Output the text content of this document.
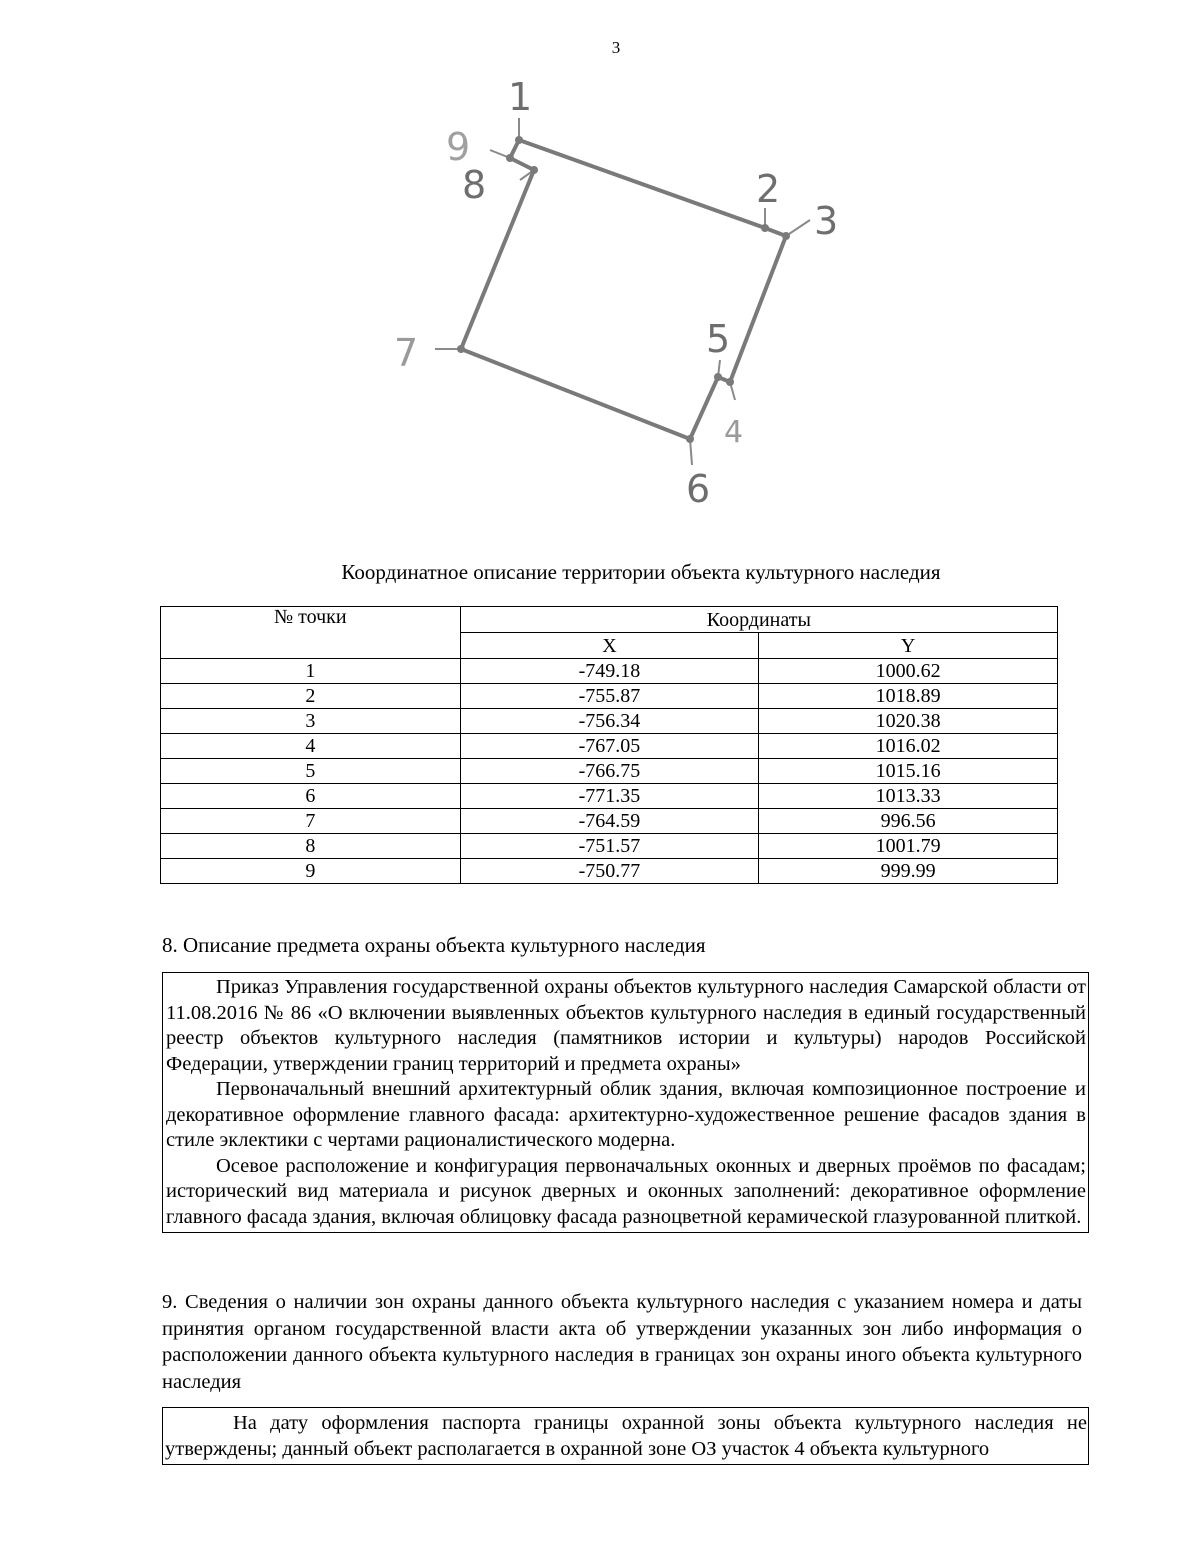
3
1
2
3
4
5
6
7
8
9
Координатное описание территории объекта культурного наследия
№ точки	Координаты	
	X	Y
1	-749.18	1000.62
2	-755.87	1018.89
3	-756.34	1020.38
4	-767.05	1016.02
5	-766.75	1015.16
6	-771.35	1013.33
7	-764.59	996.56
8	-751.57	1001.79
9	-750.77	999.99
8. Описание предмета охраны объекта культурного наследия

Приказ Управления государственной охраны объектов культурного наследия Самарской области от 11.08.2016 № 86 «О включении выявленных объектов культурного наследия в единый государственный реестр объектов культурного наследия (памятников истории и культуры) народов Российской Федерации, утверждении границ территорий и предмета охраны»

Первоначальный внешний архитектурный облик здания, включая композиционное построение и декоративное оформление главного фасада: архитектурно-художественное решение фасадов здания в стиле эклектики с чертами рационалистического модерна.

Осевое расположение и конфигурация первоначальных оконных и дверных проёмов по фасадам; исторический вид материала и рисунок дверных и оконных заполнений: декоративное оформление главного фасада здания, включая облицовку фасада разноцветной керамической глазурованной плиткой.

9. Сведения о наличии зон охраны данного объекта культурного наследия с указанием номера и даты принятия органом государственной власти акта об утверждении указанных зон либо информация о расположении данного объекта культурного наследия в границах зон охраны иного объекта культурного наследия

На дату оформления паспорта границы охранной зоны объекта культурного наследия не утверждены; данный объект располагается в охранной зоне ОЗ участок 4 объекта культурного
